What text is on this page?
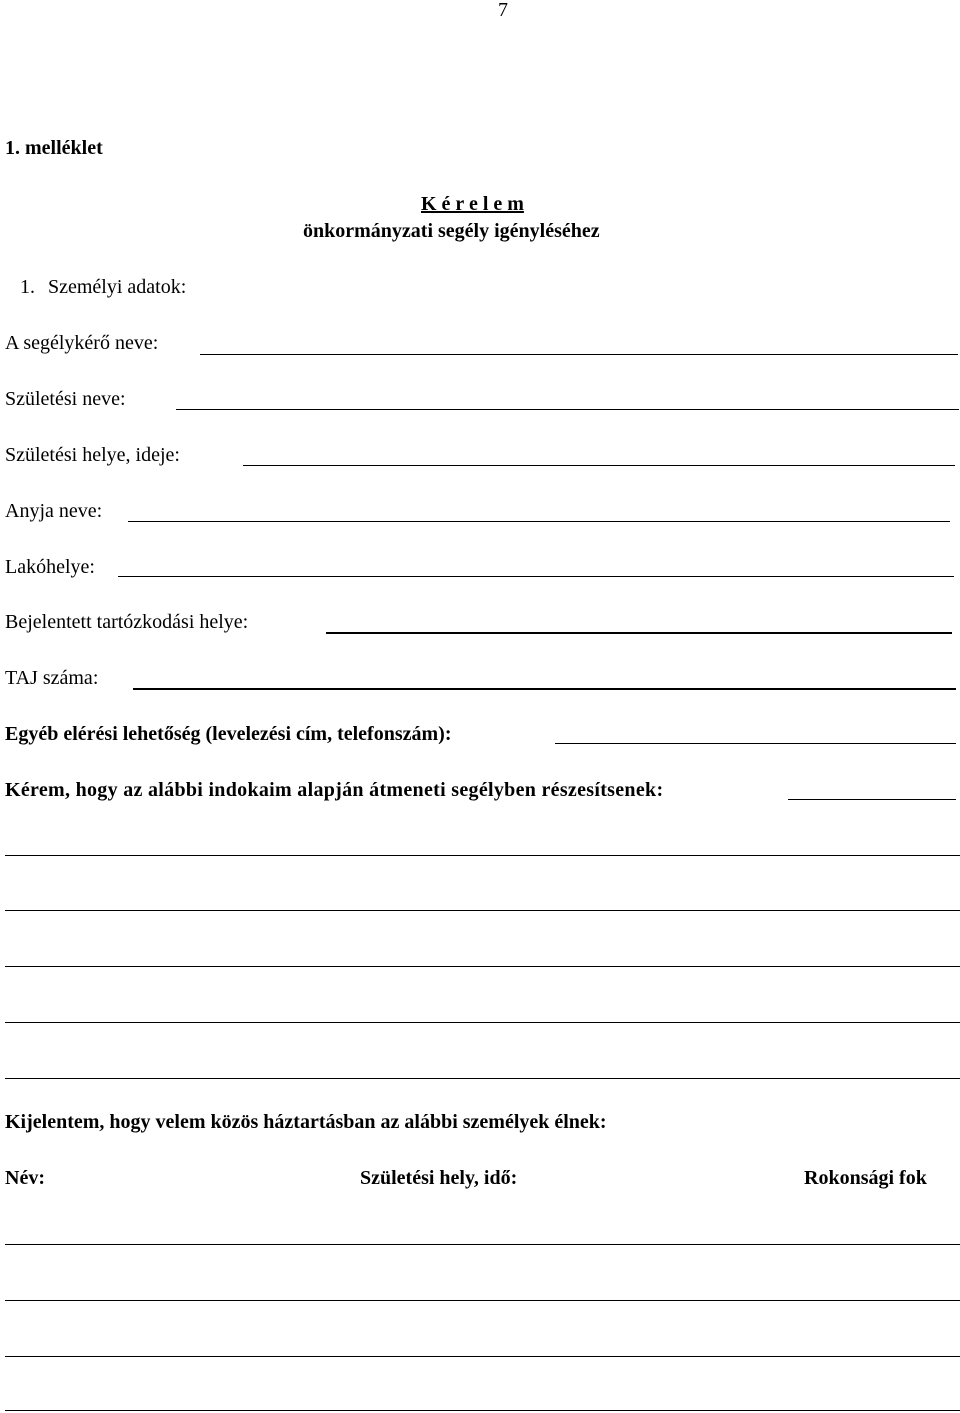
7
1. melléklet
K é r e l e m
önkormányzati segély igényléséhez
1. Személyi adatok:
A segélykérő neve:
Születési neve:
Születési helye, ideje:
Anyja neve:
Lakóhelye:
Bejelentett tartózkodási helye:
TAJ száma:
Egyéb elérési lehetőség (levelezési cím, telefonszám):
Kérem, hogy az alábbi indokaim alapján átmeneti segélyben részesítsenek:
Kijelentem, hogy velem közös háztartásban az alábbi személyek élnek:
Név:	Születési hely, idő:	Rokonsági fok
